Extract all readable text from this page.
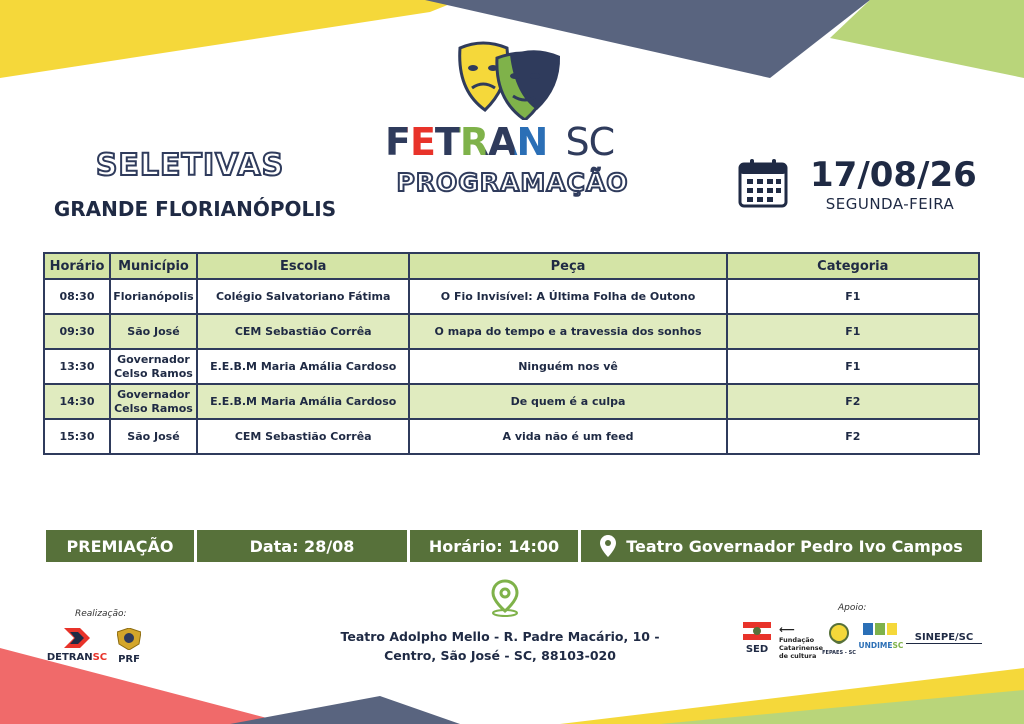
FETRAN SC
PROGRAMAÇÃO
SELETIVAS
GRANDE FLORIANÓPOLIS
17/08/26
SEGUNDA-FEIRA
Horário	Município	Escola	Peça	Categoria
08:30	Florianópolis	Colégio Salvatoriano Fátima	O Fio Invisível: A Última Folha de Outono	F1
09:30	São José	CEM Sebastião Corrêa	O mapa do tempo e a travessia dos sonhos	F1
13:30	Governador Celso Ramos	E.E.B.M Maria Amália Cardoso	Ninguém nos vê	F1
14:30	Governador Celso Ramos	E.E.B.M Maria Amália Cardoso	De quem é a culpa	F2
15:30	São José	CEM Sebastião Corrêa	A vida não é um feed	F2
PREMIAÇÃO	Data: 28/08	Horário: 14:00	Teatro Governador Pedro Ivo Campos
Realização:
DETRANSC	PRF
Teatro Adolpho Mello - R. Padre Macário, 10 -
Centro, São José - SC, 88103-020
Apoio:
SED
⟵
Fundação
Catarinense
de cultura	FEPAES - SC
UNDIMESC
SINEPE/SC
